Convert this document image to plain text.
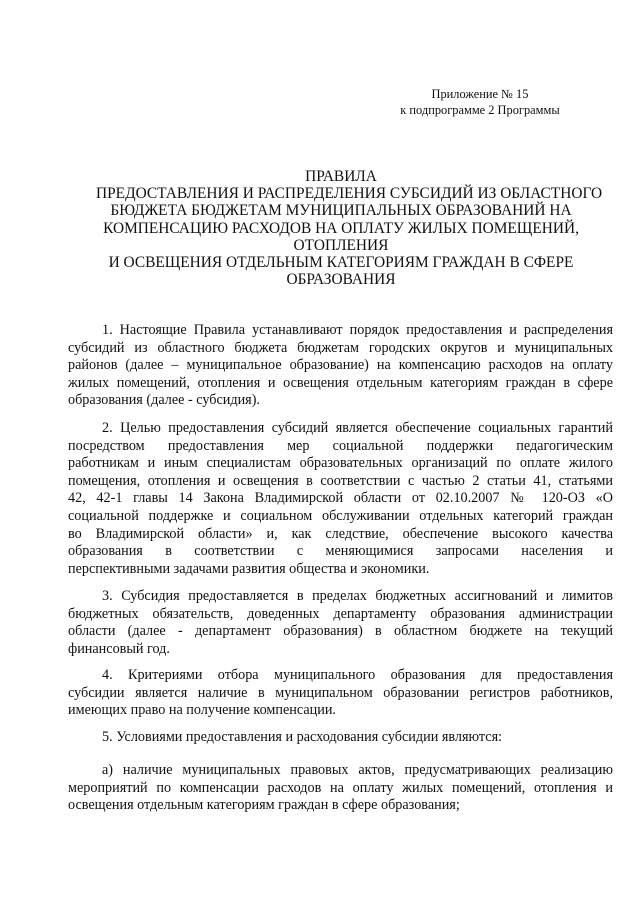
Приложение № 15
к подпрограмме 2 Программы
ПРАВИЛА
ПРЕДОСТАВЛЕНИЯ И РАСПРЕДЕЛЕНИЯ СУБСИДИЙ ИЗ ОБЛАСТНОГО
БЮДЖЕТА БЮДЖЕТАМ МУНИЦИПАЛЬНЫХ ОБРАЗОВАНИЙ НА
КОМПЕНСАЦИЮ РАСХОДОВ НА ОПЛАТУ ЖИЛЫХ ПОМЕЩЕНИЙ,
ОТОПЛЕНИЯ
И ОСВЕЩЕНИЯ ОТДЕЛЬНЫМ КАТЕГОРИЯМ ГРАЖДАН В СФЕРЕ
ОБРАЗОВАНИЯ

1. Настоящие Правила устанавливают порядок предоставления и распределения
субсидий из областного бюджета бюджетам городских округов и муниципальных
районов (далее – муниципальное образование) на компенсацию расходов на оплату
жилых помещений, отопления и освещения отдельным категориям граждан в сфере
образования (далее - субсидия).

2. Целью предоставления субсидий является обеспечение социальных гарантий
посредством предоставления мер социальной поддержки педагогическим
работникам и иным специалистам образовательных организаций по оплате жилого
помещения, отопления и освещения в соответствии с частью 2 статьи 41, статьями
42, 42-1 главы 14 Закона Владимирской области от 02.10.2007 № 120-ОЗ «О
социальной поддержке и социальном обслуживании отдельных категорий граждан
во Владимирской области» и, как следствие, обеспечение высокого качества
образования в соответствии с меняющимися запросами населения и
перспективными задачами развития общества и экономики.

3. Субсидия предоставляется в пределах бюджетных ассигнований и лимитов
бюджетных обязательств, доведенных департаменту образования администрации
области (далее - департамент образования) в областном бюджете на текущий
финансовый год.

4. Критериями отбора муниципального образования для предоставления
субсидии является наличие в муниципальном образовании регистров работников,
имеющих право на получение компенсации.

5. Условиями предоставления и расходования субсидии являются:

а) наличие муниципальных правовых актов, предусматривающих реализацию
мероприятий по компенсации расходов на оплату жилых помещений, отопления и
освещения отдельным категориям граждан в сфере образования;
